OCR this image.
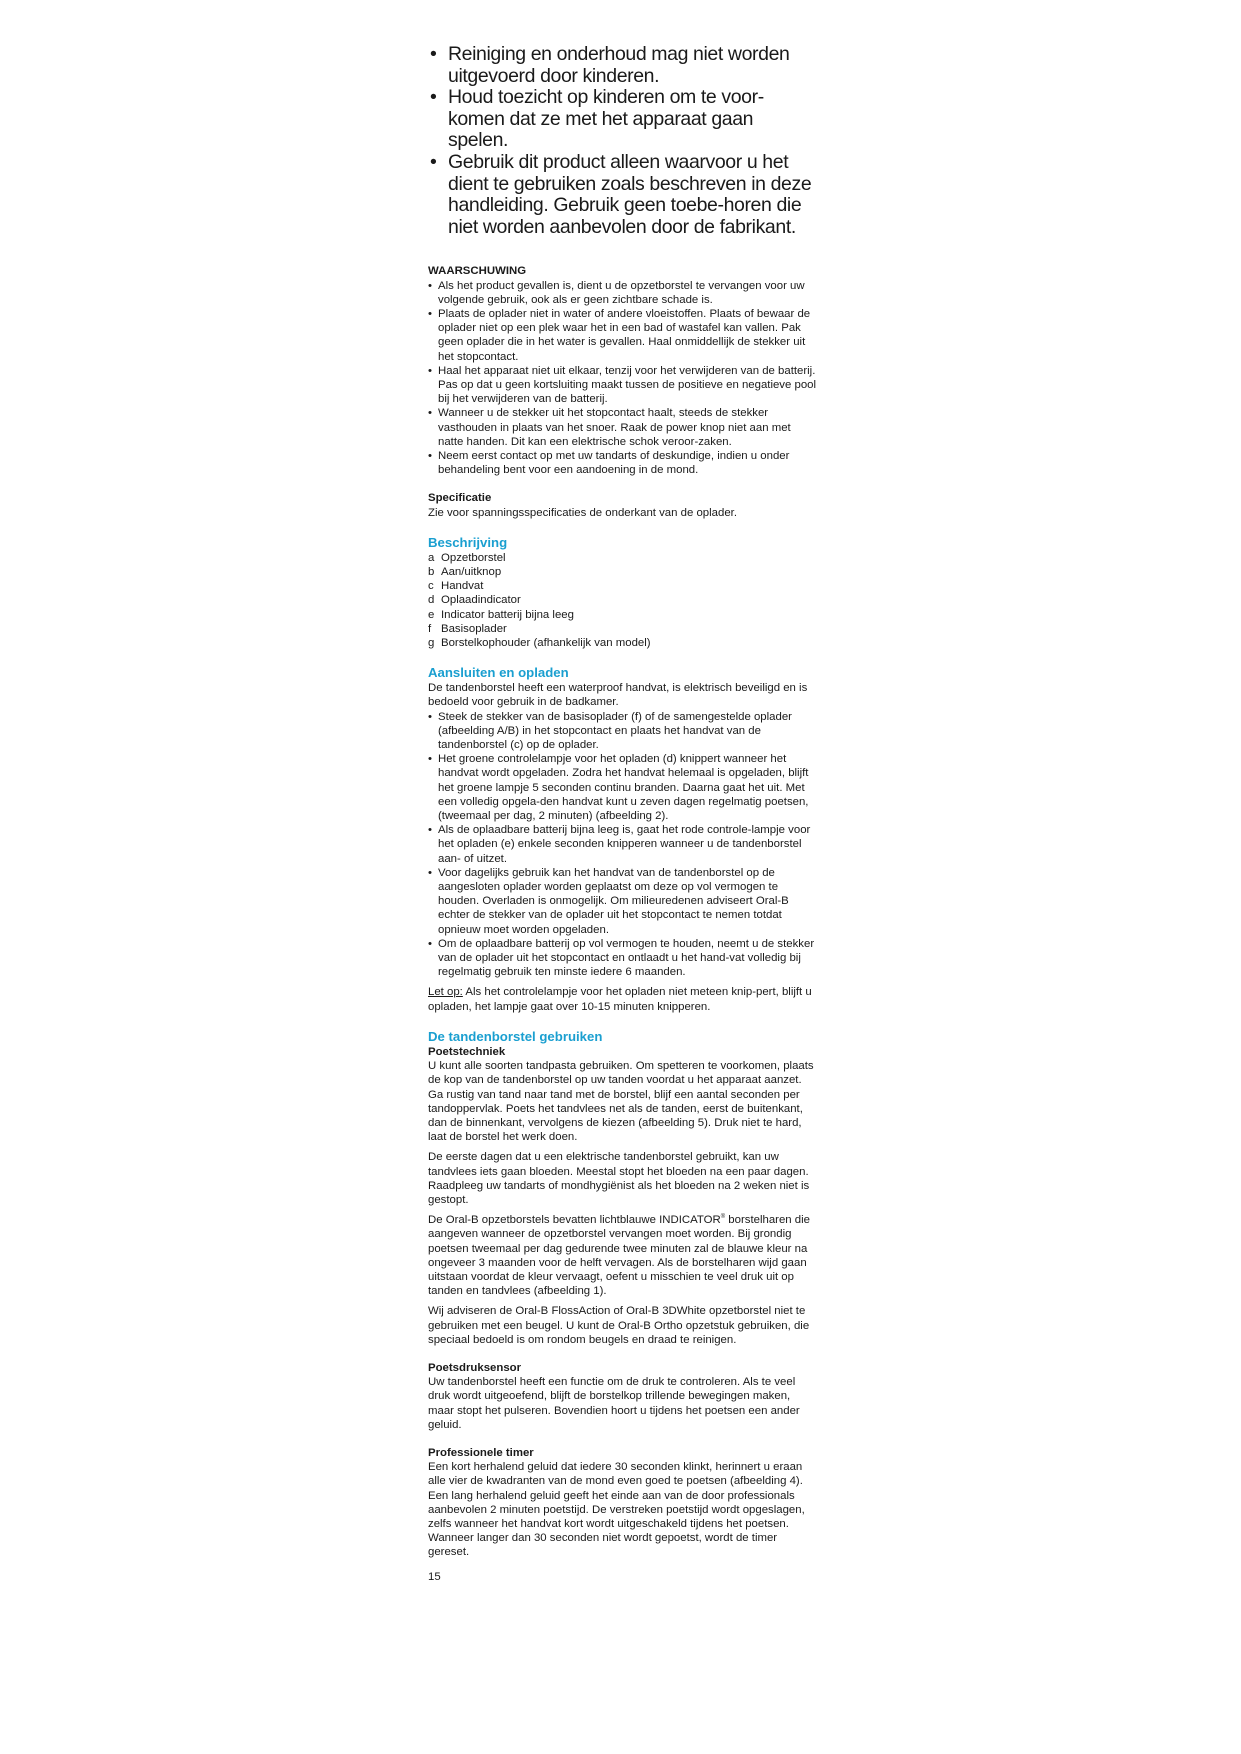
• Reiniging en onderhoud mag niet worden uitgevoerd door kinderen.
• Houd toezicht op kinderen om te voor-komen dat ze met het apparaat gaan spelen.
• Gebruik dit product alleen waarvoor u het dient te gebruiken zoals beschreven in deze handleiding. Gebruik geen toebe-horen die niet worden aanbevolen door de fabrikant.

WAARSCHUWING

• Als het product gevallen is, dient u de opzetborstel te vervangen voor uw volgende gebruik, ook als er geen zichtbare schade is.
• Plaats de oplader niet in water of andere vloeistoffen. Plaats of bewaar de oplader niet op een plek waar het in een bad of wastafel kan vallen. Pak geen oplader die in het water is gevallen. Haal onmiddellijk de stekker uit het stopcontact.
• Haal het apparaat niet uit elkaar, tenzij voor het verwijderen van de batterij. Pas op dat u geen kortsluiting maakt tussen de positieve en negatieve pool bij het verwijderen van de batterij.
• Wanneer u de stekker uit het stopcontact haalt, steeds de stekker vasthouden in plaats van het snoer. Raak de power knop niet aan met natte handen. Dit kan een elektrische schok veroor-zaken.
• Neem eerst contact op met uw tandarts of deskundige, indien u onder behandeling bent voor een aandoening in de mond.

Specificatie

Zie voor spanningsspecificaties de onderkant van de oplader.

Beschrijving

a Opzetborstel
b Aan/uitknop
c Handvat
d Oplaadindicator
e Indicator batterij bijna leeg
f Basisoplader
g Borstelkophouder (afhankelijk van model)

Aansluiten en opladen

De tandenborstel heeft een waterproof handvat, is elektrisch beveiligd en is bedoeld voor gebruik in de badkamer.

• Steek de stekker van de basisoplader (f) of de samengestelde oplader (afbeelding A/B) in het stopcontact en plaats het handvat van de tandenborstel (c) op de oplader.
• Het groene controlelampje voor het opladen (d) knippert wanneer het handvat wordt opgeladen. Zodra het handvat helemaal is opgeladen, blijft het groene lampje 5 seconden continu branden. Daarna gaat het uit. Met een volledig opgela-den handvat kunt u zeven dagen regelmatig poetsen, (tweemaal per dag, 2 minuten) (afbeelding 2).
• Als de oplaadbare batterij bijna leeg is, gaat het rode controle-lampje voor het opladen (e) enkele seconden knipperen wanneer u de tandenborstel aan- of uitzet.
• Voor dagelijks gebruik kan het handvat van de tandenborstel op de aangesloten oplader worden geplaatst om deze op vol vermogen te houden. Overladen is onmogelijk. Om milieuredenen adviseert Oral-B echter de stekker van de oplader uit het stopcontact te nemen totdat opnieuw moet worden opgeladen.
• Om de oplaadbare batterij op vol vermogen te houden, neemt u de stekker van de oplader uit het stopcontact en ontlaadt u het hand-vat volledig bij regelmatig gebruik ten minste iedere 6 maanden.

Let op: Als het controlelampje voor het opladen niet meteen knip-pert, blijft u opladen, het lampje gaat over 10-15 minuten knipperen.

De tandenborstel gebruiken

Poetstechniek

U kunt alle soorten tandpasta gebruiken. Om spetteren te voorkomen, plaats de kop van de tandenborstel op uw tanden voordat u het apparaat aanzet. Ga rustig van tand naar tand met de borstel, blijf een aantal seconden per tandoppervlak. Poets het tandvlees net als de tanden, eerst de buitenkant, dan de binnenkant, vervolgens de kiezen (afbeelding 5). Druk niet te hard, laat de borstel het werk doen.

De eerste dagen dat u een elektrische tandenborstel gebruikt, kan uw tandvlees iets gaan bloeden. Meestal stopt het bloeden na een paar dagen. Raadpleeg uw tandarts of mondhygiënist als het bloeden na 2 weken niet is gestopt.

De Oral-B opzetborstels bevatten lichtblauwe INDICATOR® borstelharen die aangeven wanneer de opzetborstel vervangen moet worden. Bij grondig poetsen tweemaal per dag gedurende twee minuten zal de blauwe kleur na ongeveer 3 maanden voor de helft vervagen. Als de borstelharen wijd gaan uitstaan voordat de kleur vervaagt, oefent u misschien te veel druk uit op tanden en tandvlees (afbeelding 1).

Wij adviseren de Oral-B FlossAction of Oral-B 3DWhite opzetborstel niet te gebruiken met een beugel. U kunt de Oral-B Ortho opzetstuk gebruiken, die speciaal bedoeld is om rondom beugels en draad te reinigen.

Poetsdruksensor

Uw tandenborstel heeft een functie om de druk te controleren. Als te veel druk wordt uitgeoefend, blijft de borstelkop trillende bewegingen maken, maar stopt het pulseren. Bovendien hoort u tijdens het poetsen een ander geluid.

Professionele timer

Een kort herhalend geluid dat iedere 30 seconden klinkt, herinnert u eraan alle vier de kwadranten van de mond even goed te poetsen (afbeelding 4). Een lang herhalend geluid geeft het einde aan van de door professionals aanbevolen 2 minuten poetstijd. De verstreken poetstijd wordt opgeslagen, zelfs wanneer het handvat kort wordt uitgeschakeld tijdens het poetsen. Wanneer langer dan 30 seconden niet wordt gepoetst, wordt de timer gereset.

15
